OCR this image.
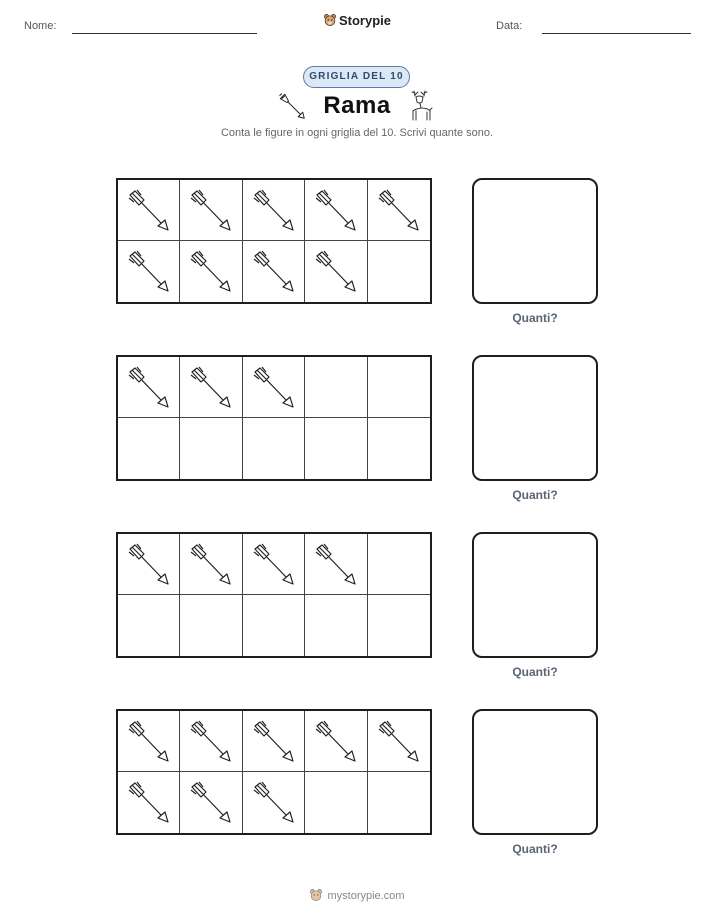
Nome:	Storypie	Data:
GRIGLIA DEL 10
Rama
Conta le figure in ogni griglia del 10. Scrivi quante sono.
Quanti?
Quanti?
Quanti?
Quanti?
mystorypie.com
